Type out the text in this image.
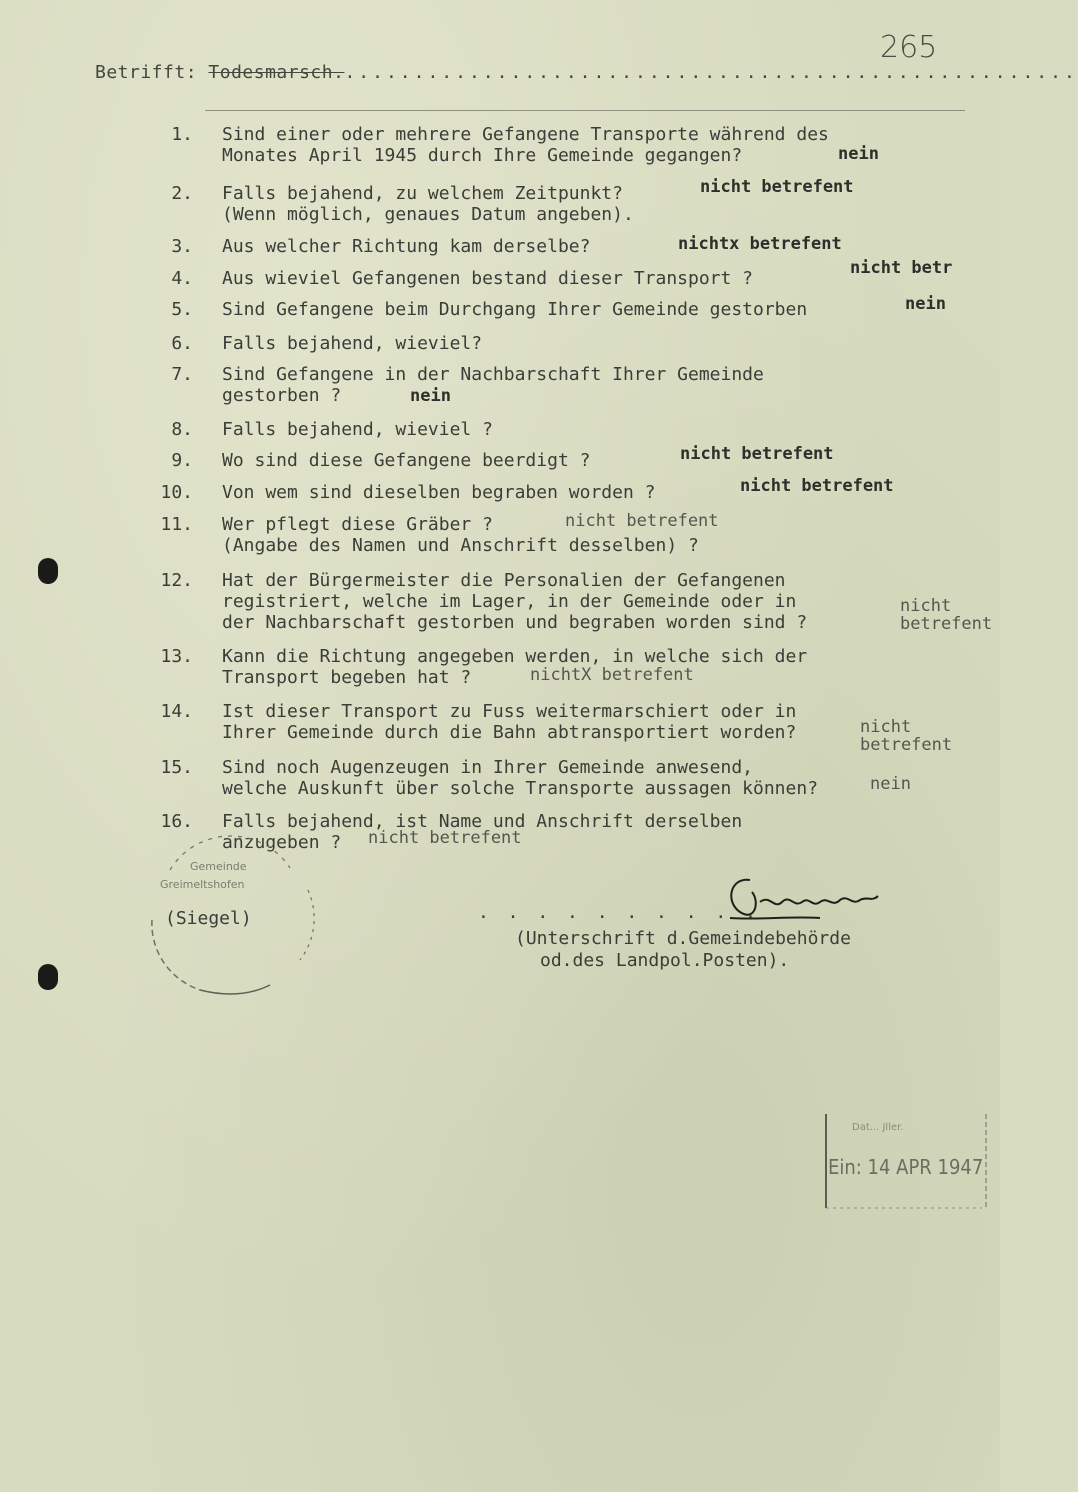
265
Betrifft: Todesmarsch......................................................
1. Sind einer oder mehrere Gefangene Transporte während des
Monates April 1945 durch Ihre Gemeinde gegangen?	nein
2. Falls bejahend, zu welchem Zeitpunkt?
(Wenn möglich, genaues Datum angeben).
nicht betrefent
3. Aus welcher Richtung kam derselbe?	nichtx betrefent
4. Aus wieviel Gefangenen bestand dieser Transport ?	nicht betr
5. Sind Gefangene beim Durchgang Ihrer Gemeinde gestorben	nein
6. Falls bejahend, wieviel?
7. Sind Gefangene in der Nachbarschaft Ihrer Gemeinde
gestorben ?	nein
8. Falls bejahend, wieviel ?
9. Wo sind diese Gefangene beerdigt ?	nicht betrefent
10. Von wem sind dieselben begraben worden ?	nicht betrefent
11. Wer pflegt diese Gräber ?
(Angabe des Namen und Anschrift desselben) ?
nicht betrefent
12. Hat der Bürgermeister die Personalien der Gefangenen
registriert, welche im Lager, in der Gemeinde oder in
der Nachbarschaft gestorben und begraben worden sind ?
nicht betrefent
13. Kann die Richtung angegeben werden, in welche sich der
Transport begeben hat ?	nichtX betrefent
14. Ist dieser Transport zu Fuss weitermarschiert oder in
Ihrer Gemeinde durch die Bahn abtransportiert worden?	nicht betrefent
15. Sind noch Augenzeugen in Ihrer Gemeinde anwesend,
welche Auskunft über solche Transporte aussagen können?	nein
16. Falls bejahend, ist Name und Anschrift derselben
anzugeben ?	nicht betrefent
Gemeinde
Greimeltshofen
(Siegel)	. . . . . . . . . .
Gormann
(Unterschrift d.Gemeindebehörde
od.des Landpol.Posten).
Dat... Jller.
Ein: 14 APR 1947
